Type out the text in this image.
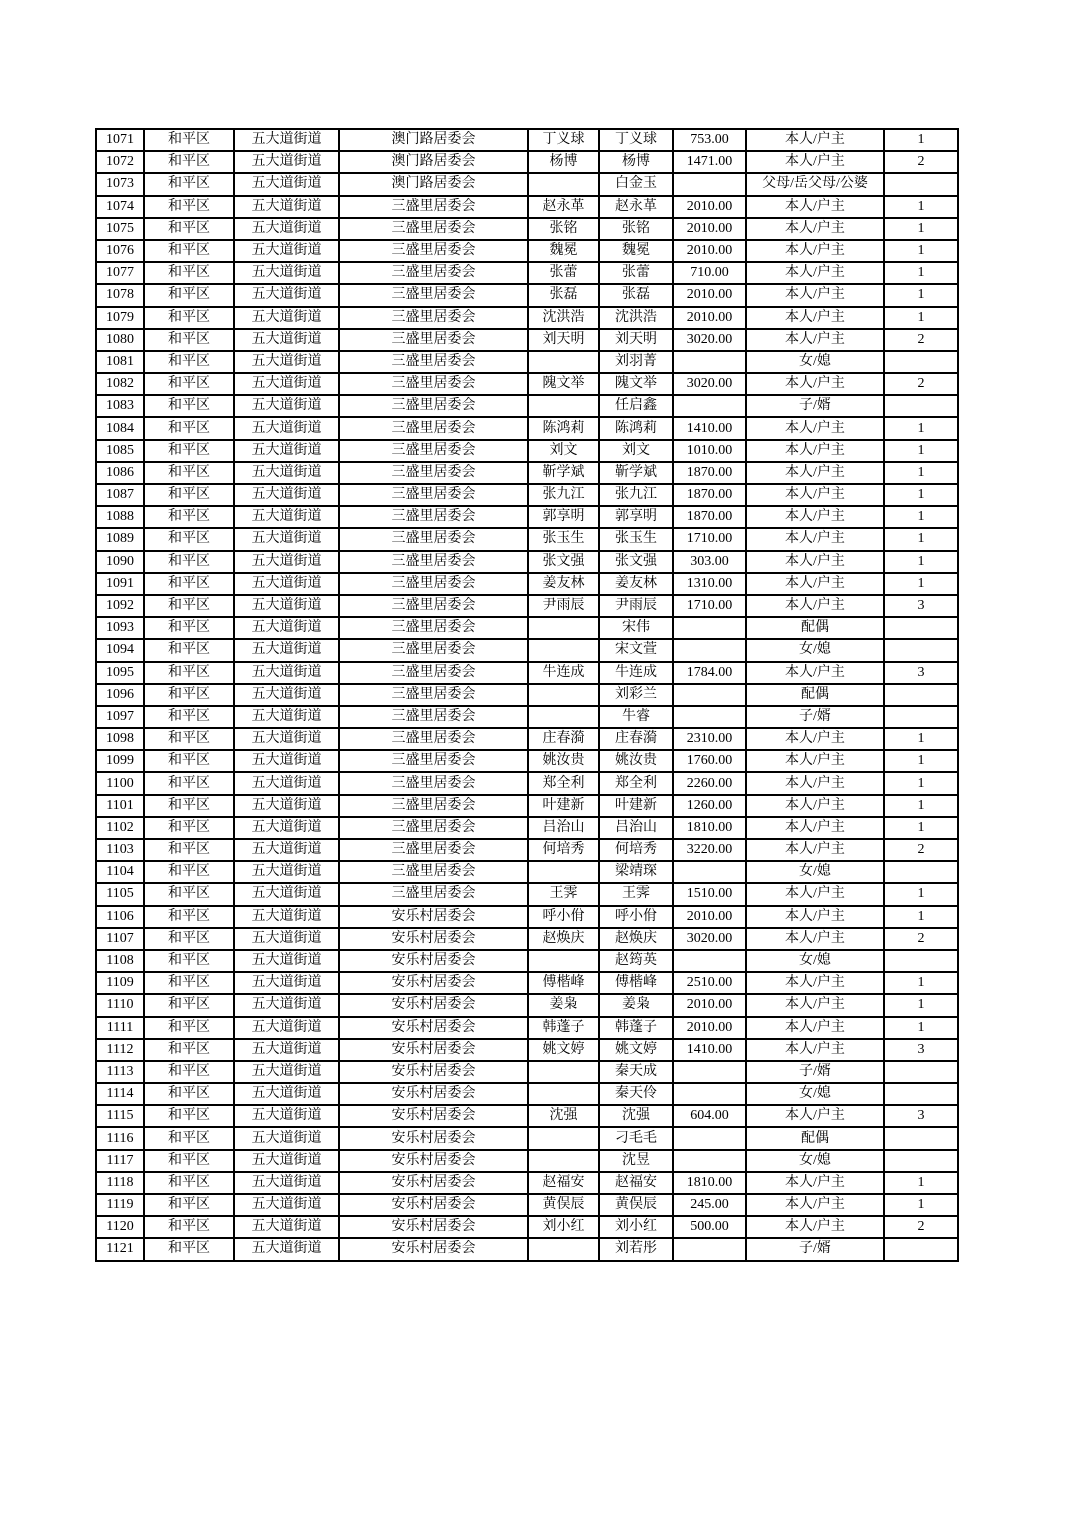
1071	和平区	五大道街道	澳门路居委会	丁义球	丁义球	753.00	本人/户主	1
1072	和平区	五大道街道	澳门路居委会	杨博	杨博	1471.00	本人/户主	2
1073	和平区	五大道街道	澳门路居委会		白金玉		父母/岳父母/公婆	
1074	和平区	五大道街道	三盛里居委会	赵永革	赵永革	2010.00	本人/户主	1
1075	和平区	五大道街道	三盛里居委会	张铭	张铭	2010.00	本人/户主	1
1076	和平区	五大道街道	三盛里居委会	魏冕	魏冕	2010.00	本人/户主	1
1077	和平区	五大道街道	三盛里居委会	张蕾	张蕾	710.00	本人/户主	1
1078	和平区	五大道街道	三盛里居委会	张磊	张磊	2010.00	本人/户主	1
1079	和平区	五大道街道	三盛里居委会	沈洪浩	沈洪浩	2010.00	本人/户主	1
1080	和平区	五大道街道	三盛里居委会	刘天明	刘天明	3020.00	本人/户主	2
1081	和平区	五大道街道	三盛里居委会		刘羽菁		女/媳	
1082	和平区	五大道街道	三盛里居委会	隗文举	隗文举	3020.00	本人/户主	2
1083	和平区	五大道街道	三盛里居委会		任启鑫		子/婿	
1084	和平区	五大道街道	三盛里居委会	陈鸿莉	陈鸿莉	1410.00	本人/户主	1
1085	和平区	五大道街道	三盛里居委会	刘文	刘文	1010.00	本人/户主	1
1086	和平区	五大道街道	三盛里居委会	靳学斌	靳学斌	1870.00	本人/户主	1
1087	和平区	五大道街道	三盛里居委会	张九江	张九江	1870.00	本人/户主	1
1088	和平区	五大道街道	三盛里居委会	郭享明	郭享明	1870.00	本人/户主	1
1089	和平区	五大道街道	三盛里居委会	张玉生	张玉生	1710.00	本人/户主	1
1090	和平区	五大道街道	三盛里居委会	张文强	张文强	303.00	本人/户主	1
1091	和平区	五大道街道	三盛里居委会	姜友林	姜友林	1310.00	本人/户主	1
1092	和平区	五大道街道	三盛里居委会	尹雨辰	尹雨辰	1710.00	本人/户主	3
1093	和平区	五大道街道	三盛里居委会		宋伟		配偶	
1094	和平区	五大道街道	三盛里居委会		宋文萱		女/媳	
1095	和平区	五大道街道	三盛里居委会	牛连成	牛连成	1784.00	本人/户主	3
1096	和平区	五大道街道	三盛里居委会		刘彩兰		配偶	
1097	和平区	五大道街道	三盛里居委会		牛睿		子/婿	
1098	和平区	五大道街道	三盛里居委会	庄春漪	庄春漪	2310.00	本人/户主	1
1099	和平区	五大道街道	三盛里居委会	姚汝贵	姚汝贵	1760.00	本人/户主	1
1100	和平区	五大道街道	三盛里居委会	郑全利	郑全利	2260.00	本人/户主	1
1101	和平区	五大道街道	三盛里居委会	叶建新	叶建新	1260.00	本人/户主	1
1102	和平区	五大道街道	三盛里居委会	吕治山	吕治山	1810.00	本人/户主	1
1103	和平区	五大道街道	三盛里居委会	何培秀	何培秀	3220.00	本人/户主	2
1104	和平区	五大道街道	三盛里居委会		梁靖琛		女/媳	
1105	和平区	五大道街道	三盛里居委会	王霁	王霁	1510.00	本人/户主	1
1106	和平区	五大道街道	安乐村居委会	呼小佾	呼小佾	2010.00	本人/户主	1
1107	和平区	五大道街道	安乐村居委会	赵焕庆	赵焕庆	3020.00	本人/户主	2
1108	和平区	五大道街道	安乐村居委会		赵筠英		女/媳	
1109	和平区	五大道街道	安乐村居委会	傅楷峰	傅楷峰	2510.00	本人/户主	1
1110	和平区	五大道街道	安乐村居委会	姜枭	姜枭	2010.00	本人/户主	1
1111	和平区	五大道街道	安乐村居委会	韩蓬子	韩蓬子	2010.00	本人/户主	1
1112	和平区	五大道街道	安乐村居委会	姚文婷	姚文婷	1410.00	本人/户主	3
1113	和平区	五大道街道	安乐村居委会		秦天成		子/婿	
1114	和平区	五大道街道	安乐村居委会		秦天伶		女/媳	
1115	和平区	五大道街道	安乐村居委会	沈强	沈强	604.00	本人/户主	3
1116	和平区	五大道街道	安乐村居委会		刁毛毛		配偶	
1117	和平区	五大道街道	安乐村居委会		沈昱		女/媳	
1118	和平区	五大道街道	安乐村居委会	赵福安	赵福安	1810.00	本人/户主	1
1119	和平区	五大道街道	安乐村居委会	黄俣辰	黄俣辰	245.00	本人/户主	1
1120	和平区	五大道街道	安乐村居委会	刘小红	刘小红	500.00	本人/户主	2
1121	和平区	五大道街道	安乐村居委会		刘若彤		子/婿	
